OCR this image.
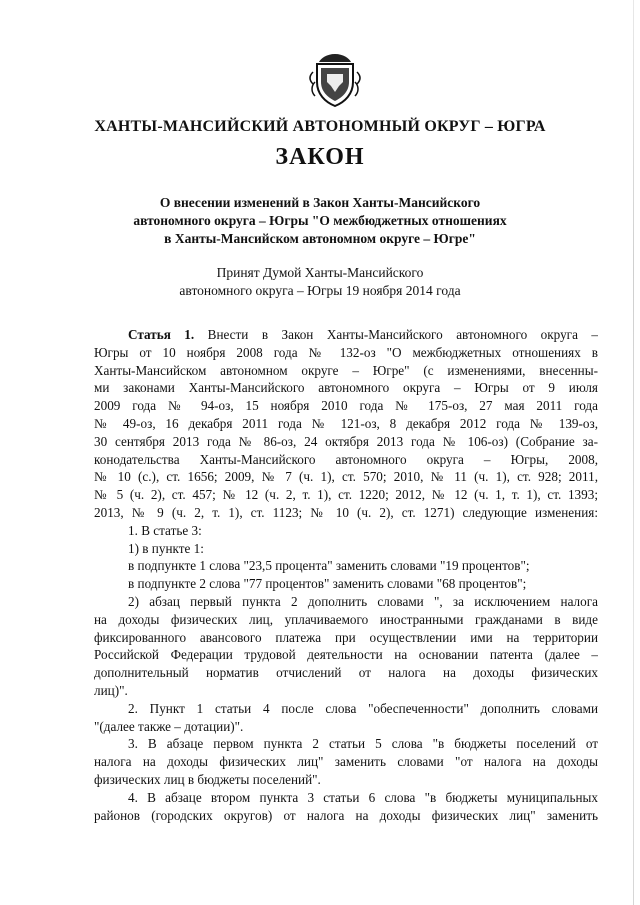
ХАНТЫ-МАНСИЙСКИЙ АВТОНОМНЫЙ ОКРУГ – ЮГРА
ЗАКОН
О внесении изменений в Закон Ханты-Мансийского
автономного округа – Югры "О межбюджетных отношениях
в Ханты-Мансийском автономном округе – Югре"
Принят Думой Ханты-Мансийского
автономного округа – Югры 19 ноября 2014 года
Статья 1. Внести в Закон Ханты-Мансийского автономного округа –
Югры от 10 ноября 2008 года № 132-оз "О межбюджетных отношениях в
Ханты-Мансийском автономном округе – Югре" (с изменениями, внесенны-
ми законами Ханты-Мансийского автономного округа – Югры от 9 июля
2009 года № 94-оз, 15 ноября 2010 года № 175-оз, 27 мая 2011 года
№ 49-оз, 16 декабря 2011 года № 121-оз, 8 декабря 2012 года № 139-оз,
30 сентября 2013 года № 86-оз, 24 октября 2013 года № 106-оз) (Собрание за-
конодательства Ханты-Мансийского автономного округа – Югры, 2008,
№ 10 (с.), ст. 1656; 2009, № 7 (ч. 1), ст. 570; 2010, № 11 (ч. 1), ст. 928; 2011,
№ 5 (ч. 2), ст. 457; № 12 (ч. 2, т. 1), ст. 1220; 2012, № 12 (ч. 1, т. 1), ст. 1393;
2013, № 9 (ч. 2, т. 1), ст. 1123; № 10 (ч. 2), ст. 1271) следующие изменения:
1. В статье 3:
1) в пункте 1:
в подпункте 1 слова "23,5 процента" заменить словами "19 процентов";
в подпункте 2 слова "77 процентов" заменить словами "68 процентов";
2) абзац первый пункта 2 дополнить словами ", за исключением налога
на доходы физических лиц, уплачиваемого иностранными гражданами в виде
фиксированного авансового платежа при осуществлении ими на территории
Российской Федерации трудовой деятельности на основании патента (далее –
дополнительный норматив отчислений от налога на доходы физических
лиц)".
2. Пункт 1 статьи 4 после слова "обеспеченности" дополнить словами
"(далее также – дотации)".
3. В абзаце первом пункта 2 статьи 5 слова "в бюджеты поселений от
налога на доходы физических лиц" заменить словами "от налога на доходы
физических лиц в бюджеты поселений".
4. В абзаце втором пункта 3 статьи 6 слова "в бюджеты муниципальных
районов (городских округов) от налога на доходы физических лиц" заменить
